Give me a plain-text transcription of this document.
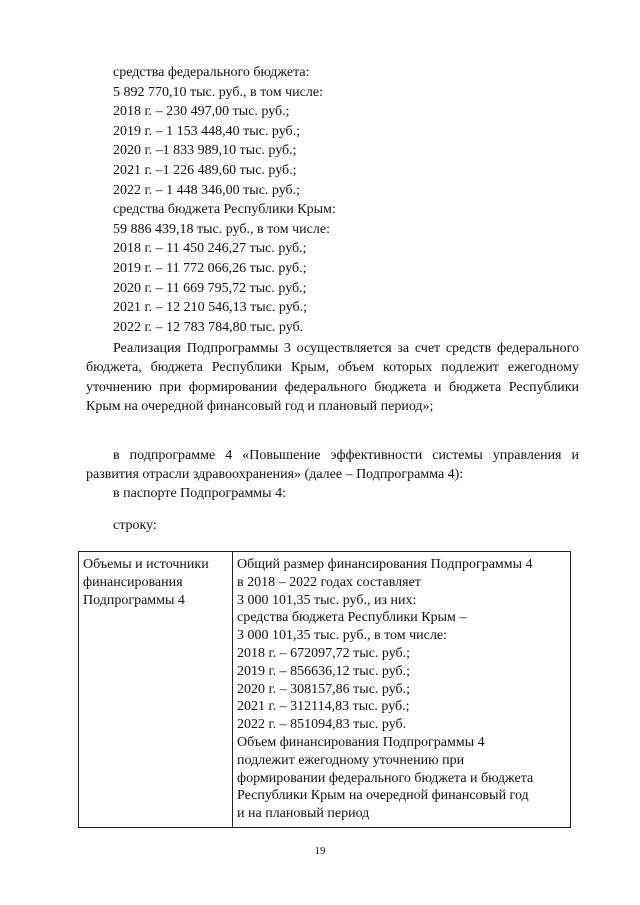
средства федерального бюджета:
5 892 770,10 тыс. руб., в том числе:
2018 г. – 230 497,00 тыс. руб.;
2019 г. – 1 153 448,40 тыс. руб.;
2020 г. –1 833 989,10 тыс. руб.;
2021 г. –1 226 489,60 тыс. руб.;
2022 г. – 1 448 346,00 тыс. руб.;
средства бюджета Республики Крым:
59 886 439,18 тыс. руб., в том числе:
2018 г. – 11 450 246,27 тыс. руб.;
2019 г. – 11 772 066,26 тыс. руб.;
2020 г. – 11 669 795,72 тыс. руб.;
2021 г. – 12 210 546,13 тыс. руб.;
2022 г. – 12 783 784,80 тыс. руб.

Реализация Подпрограммы 3 осуществляется за счет средств федерального бюджета, бюджета Республики Крым, объем которых подлежит ежегодному уточнению при формировании федерального бюджета и бюджета Республики Крым на очередной финансовый год и плановый период»;

в подпрограмме 4 «Повышение эффективности системы управления и развития отрасли здравоохранения» (далее – Подпрограмма 4):

в паспорте Подпрограммы 4:
строку:
Объемы и источники
финансирования
Подпрограммы 4

Общий размер финансирования Подпрограммы 4
в 2018 – 2022 годах составляет
3 000 101,35 тыс. руб., из них:
средства бюджета Республики Крым –
3 000 101,35 тыс. руб., в том числе:
2018 г. – 672097,72 тыс. руб.;
2019 г. – 856636,12 тыс. руб.;
2020 г. – 308157,86 тыс. руб.;
2021 г. – 312114,83 тыс. руб.;
2022 г. – 851094,83 тыс. руб.
Объем финансирования Подпрограммы 4
подлежит ежегодному уточнению при
формировании федерального бюджета и бюджета
Республики Крым на очередной финансовый год
и на плановый период
19
